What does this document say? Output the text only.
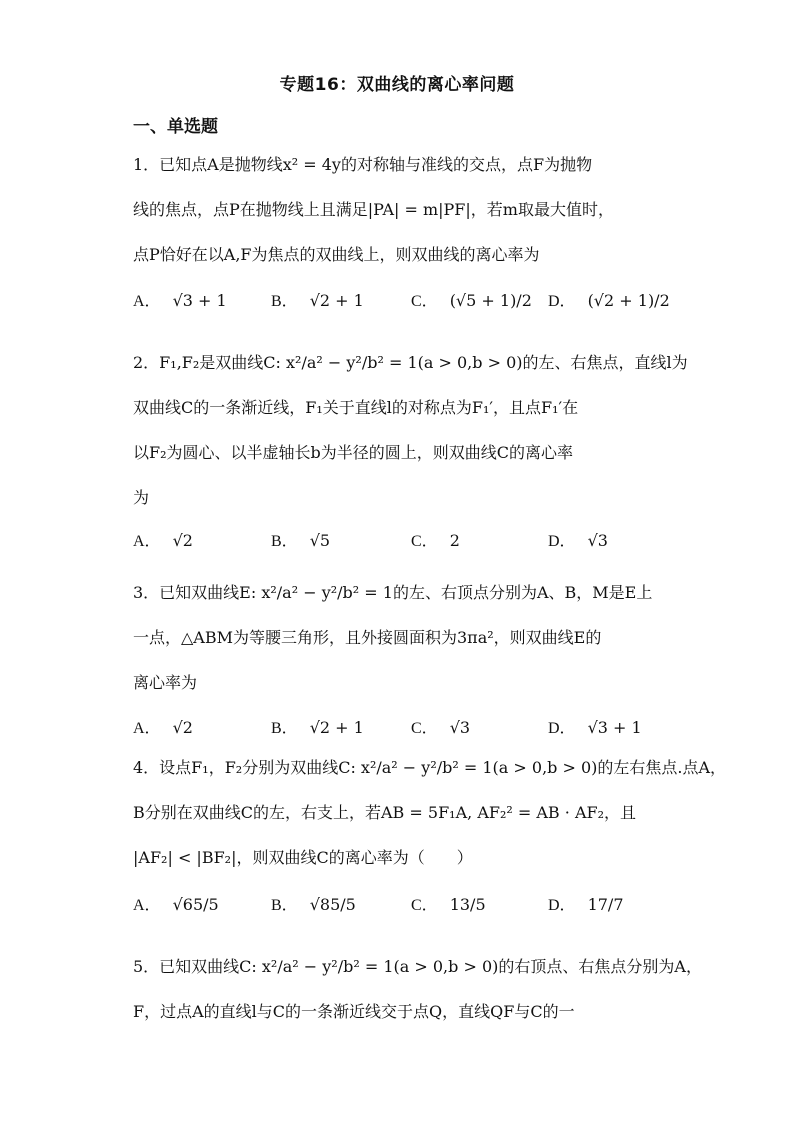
专题16：双曲线的离心率问题
一、单选题
1．已知点A是抛物线x² = 4y的对称轴与准线的交点，点F为抛物
线的焦点，点P在抛物线上且满足|PA| = m|PF|，若m取最大值时，
点P恰好在以A,F为焦点的双曲线上，则双曲线的离心率为
A． √3 + 1	B． √2 + 1	C． (√5 + 1)/2 D． (√2 + 1)/2
2．F₁,F₂是双曲线C: x²/a² − y²/b² = 1(a > 0,b > 0)的左、右焦点，直线l为
双曲线C的一条渐近线，F₁关于直线l的对称点为F₁′，且点F₁′在
以F₂为圆心、以半虚轴长b为半径的圆上，则双曲线C的离心率
为
A． √2	B． √5	C． 2	D． √3
3．已知双曲线E: x²/a² − y²/b² = 1的左、右顶点分别为A、B，M是E上
一点，△ABM为等腰三角形，且外接圆面积为3πa²，则双曲线E的
离心率为
A． √2	B． √2 + 1	C． √3	D． √3 + 1
4．设点F₁，F₂分别为双曲线C: x²/a² − y²/b² = 1(a > 0,b > 0)的左右焦点.点A，
B分别在双曲线C的左，右支上，若AB = 5F₁A, AF₂² = AB · AF₂，且
|AF₂| < |BF₂|，则双曲线C的离心率为（　　）
A． √65/5	B． √85/5	C． 13/5	D． 17/7
5．已知双曲线C: x²/a² − y²/b² = 1(a > 0,b > 0)的右顶点、右焦点分别为A，
F，过点A的直线l与C的一条渐近线交于点Q，直线QF与C的一
